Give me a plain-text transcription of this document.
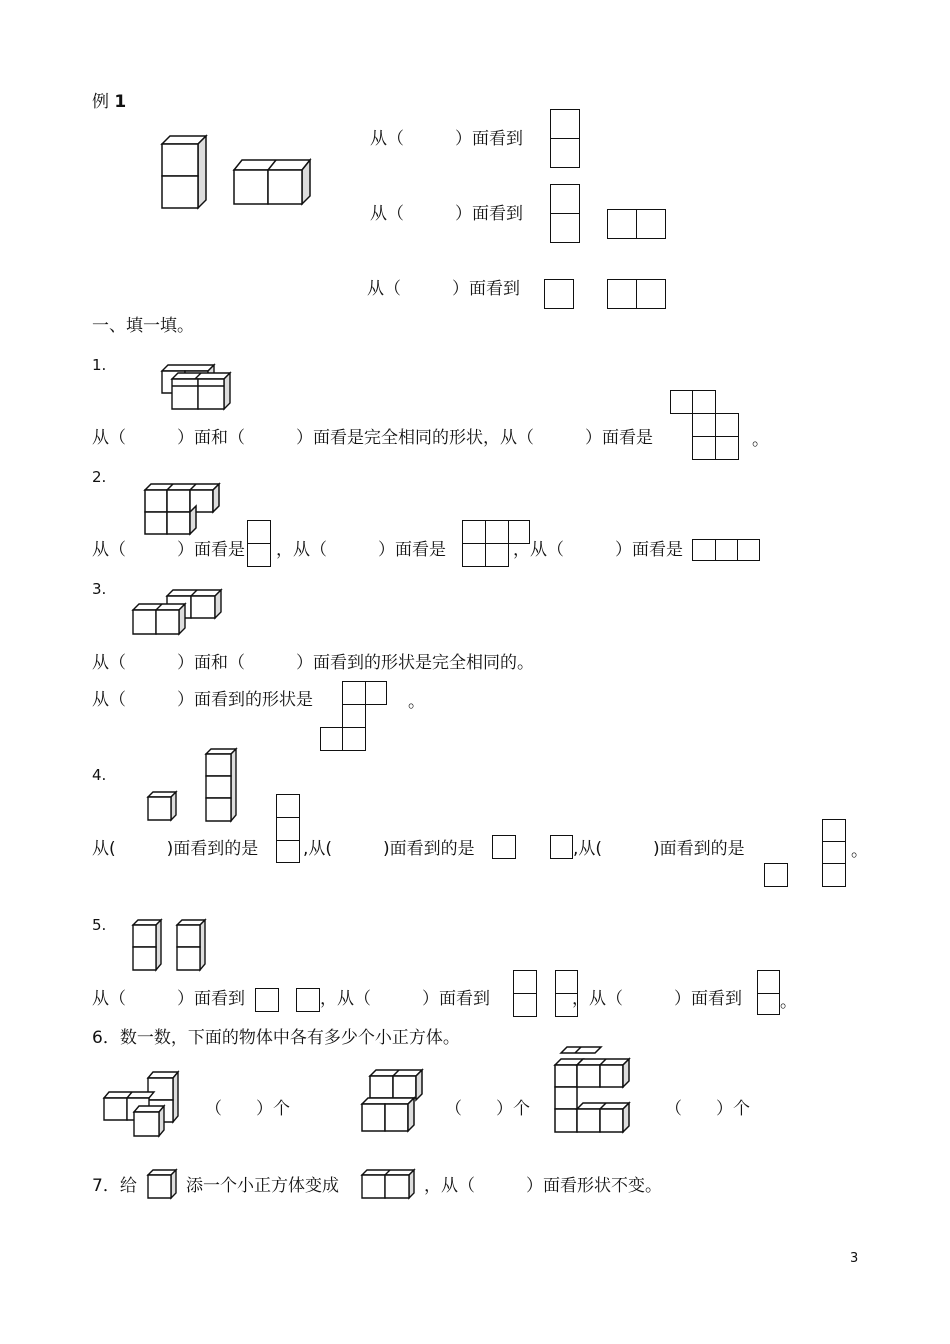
例 1
从（　　　）面看到
从（　　　）面看到
从（　　　）面看到
一、填一填。
1.
从（　　　）面和（　　　）面看是完全相同的形状，从（　　　）面看是	。
2.
从（　　　）面看是 ，从（　　　）面看是	，从（　　　）面看是
3.
从（　　　）面和（　　　）面看到的形状是完全相同的。
从（　　　）面看到的形状是	。
4.
从(　　　)面看到的是	,从(　　　)面看到的是	,从(　　　)面看到的是	。
5.
从（　　　）面看到	，从（　　　）面看到	，从（　　　）面看到 。
6．数一数，下面的物体中各有多少个小正方体。
（　　）个	（　　）个	（　　）个
7．给	添一个小正方体变成	，从（　　　）面看形状不变。
3
